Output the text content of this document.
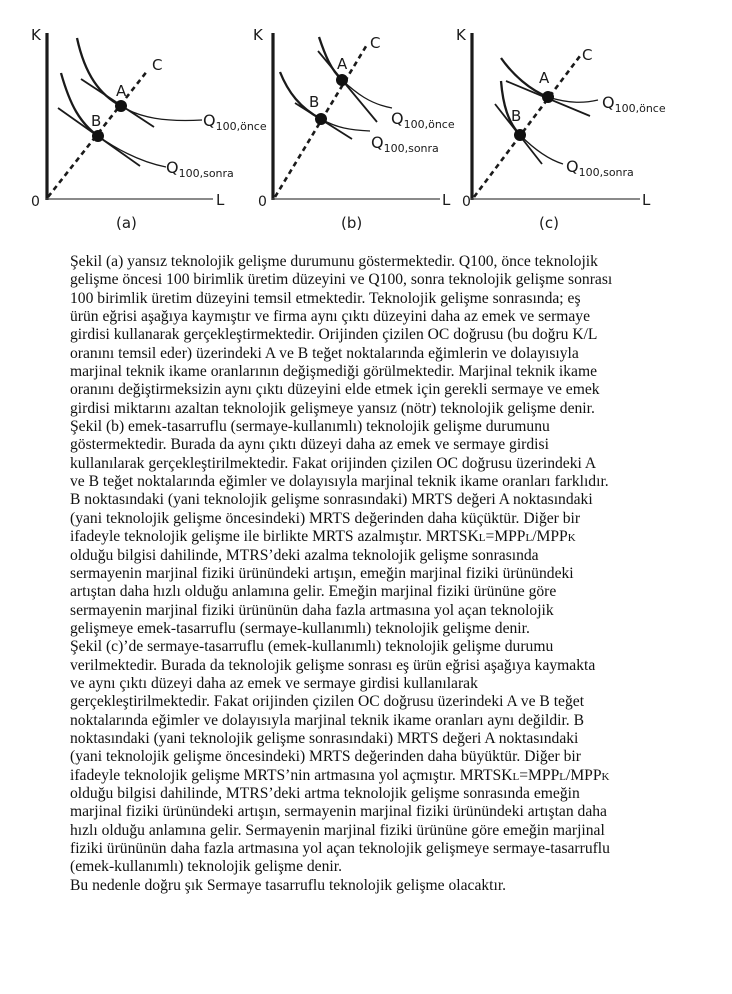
K
L
0
C
A
B	$Q_{100,önce}$
$Q_{100,sonra}$
(a)
K
L
0
C
A
B
$Q_{100,önce}$
$Q_{100,sonra}$
(b)
K
L
0
C
A
B
$Q_{100,önce}$
$Q_{100,sonra}$
(c)
Şekil (a) yansız teknolojik gelişme durumunu göstermektedir. Q100, önce teknolojik
gelişme öncesi 100 birimlik üretim düzeyini ve Q100, sonra teknolojik gelişme sonrası
100 birimlik üretim düzeyini temsil etmektedir. Teknolojik gelişme sonrasında; eş
ürün eğrisi aşağıya kaymıştır ve firma aynı çıktı düzeyini daha az emek ve sermaye
girdisi kullanarak gerçekleştirmektedir. Orijinden çizilen OC doğrusu (bu doğru K/L
oranını temsil eder) üzerindeki A ve B teğet noktalarında eğimlerin ve dolayısıyla
marjinal teknik ikame oranlarının değişmediği görülmektedir. Marjinal teknik ikame
oranını değiştirmeksizin aynı çıktı düzeyini elde etmek için gerekli sermaye ve emek
girdisi miktarını azaltan teknolojik gelişmeye yansız (nötr) teknolojik gelişme denir.
Şekil (b) emek-tasarruflu (sermaye-kullanımlı) teknolojik gelişme durumunu
göstermektedir. Burada da aynı çıktı düzeyi daha az emek ve sermaye girdisi
kullanılarak gerçekleştirilmektedir. Fakat orijinden çizilen OC doğrusu üzerindeki A
ve B teğet noktalarında eğimler ve dolayısıyla marjinal teknik ikame oranları farklıdır.
B noktasındaki (yani teknolojik gelişme sonrasındaki) MRTS değeri A noktasındaki
(yani teknolojik gelişme öncesindeki) MRTS değerinden daha küçüktür. Diğer bir
ifadeyle teknolojik gelişme ile birlikte MRTS azalmıştır. MRTSKL=MPPL/MPPK
olduğu bilgisi dahilinde, MTRS’deki azalma teknolojik gelişme sonrasında
sermayenin marjinal fiziki ürünündeki artışın, emeğin marjinal fiziki ürünündeki
artıştan daha hızlı olduğu anlamına gelir. Emeğin marjinal fiziki ürününe göre
sermayenin marjinal fiziki ürününün daha fazla artmasına yol açan teknolojik
gelişmeye emek-tasarruflu (sermaye-kullanımlı) teknolojik gelişme denir.
Şekil (c)’de sermaye-tasarruflu (emek-kullanımlı) teknolojik gelişme durumu
verilmektedir. Burada da teknolojik gelişme sonrası eş ürün eğrisi aşağıya kaymakta
ve aynı çıktı düzeyi daha az emek ve sermaye girdisi kullanılarak
gerçekleştirilmektedir. Fakat orijinden çizilen OC doğrusu üzerindeki A ve B teğet
noktalarında eğimler ve dolayısıyla marjinal teknik ikame oranları aynı değildir. B
noktasındaki (yani teknolojik gelişme sonrasındaki) MRTS değeri A noktasındaki
(yani teknolojik gelişme öncesindeki) MRTS değerinden daha büyüktür. Diğer bir
ifadeyle teknolojik gelişme MRTS’nin artmasına yol açmıştır. MRTSKL=MPPL/MPPK
olduğu bilgisi dahilinde, MTRS’deki artma teknolojik gelişme sonrasında emeğin
marjinal fiziki ürünündeki artışın, sermayenin marjinal fiziki ürünündeki artıştan daha
hızlı olduğu anlamına gelir. Sermayenin marjinal fiziki ürününe göre emeğin marjinal
fiziki ürününün daha fazla artmasına yol açan teknolojik gelişmeye sermaye-tasarruflu
(emek-kullanımlı) teknolojik gelişme denir.
Bu nedenle doğru şık Sermaye tasarruflu teknolojik gelişme olacaktır.
